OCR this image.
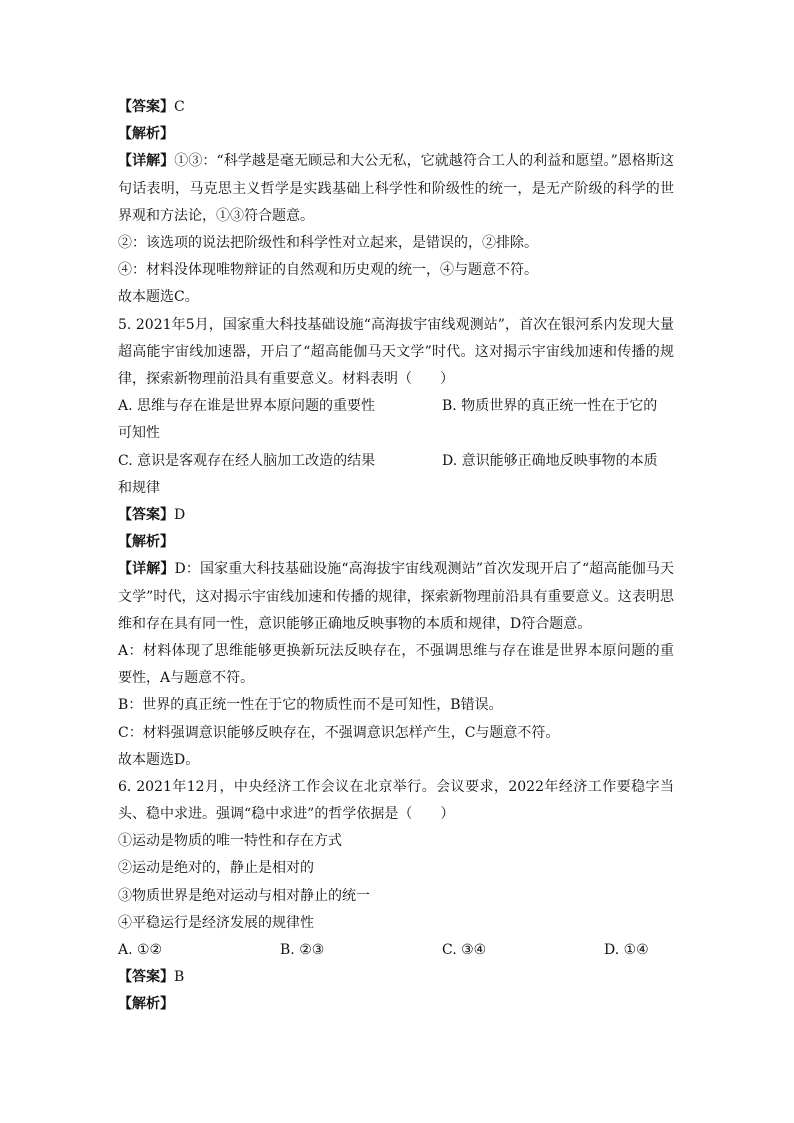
【答案】C
【解析】
【详解】①③：“科学越是毫无顾忌和大公无私，它就越符合工人的利益和愿望。”恩格斯这句话表明，马克思主义哲学是实践基础上科学性和阶级性的统一，是无产阶级的科学的世界观和方法论，①③符合题意。
②：该选项的说法把阶级性和科学性对立起来，是错误的，②排除。
④：材料没体现唯物辩证的自然观和历史观的统一，④与题意不符。
故本题选C。
5. 2021年5月，国家重大科技基础设施“高海拔宇宙线观测站”，首次在银河系内发现大量超高能宇宙线加速器，开启了“超高能伽马天文学”时代。这对揭示宇宙线加速和传播的规律，探索新物理前沿具有重要意义。材料表明（　　）
A. 思维与存在谁是世界本原问题的重要性	B. 物质世界的真正统一性在于它的
可知性
C. 意识是客观存在经人脑加工改造的结果	D. 意识能够正确地反映事物的本质
和规律
【答案】D
【解析】
【详解】D：国家重大科技基础设施“高海拔宇宙线观测站”首次发现开启了“超高能伽马天文学”时代，这对揭示宇宙线加速和传播的规律，探索新物理前沿具有重要意义。这表明思维和存在具有同一性，意识能够正确地反映事物的本质和规律，D符合题意。
A：材料体现了思维能够更换新玩法反映存在，不强调思维与存在谁是世界本原问题的重要性，A与题意不符。
B：世界的真正统一性在于它的物质性而不是可知性，B错误。
C：材料强调意识能够反映存在，不强调意识怎样产生，C与题意不符。
故本题选D。
6. 2021年12月，中央经济工作会议在北京举行。会议要求，2022年经济工作要稳字当头、稳中求进。强调“稳中求进”的哲学依据是（　　）
①运动是物质的唯一特性和存在方式
②运动是绝对的，静止是相对的
③物质世界是绝对运动与相对静止的统一
④平稳运行是经济发展的规律性
A. ①②	B. ②③	C. ③④	D. ①④
【答案】B
【解析】
